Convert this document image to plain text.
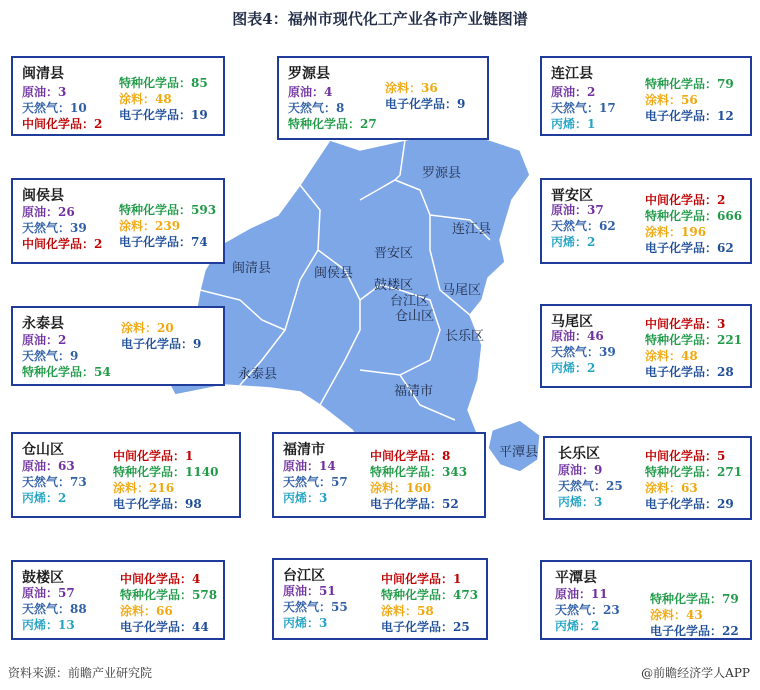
图表4：福州市现代化工产业各市产业链图谱
罗源县
连江县
晋安区
闽清县	闽侯县
鼓楼区 马尾区
台江区
仓山区
长乐区
永泰县
福清市
平潭县
闽清县
原油：3
天然气：10
中间化学品：2
特种化学品：85
涂料：48
电子化学品：19
罗源县
原油：4
天然气：8
特种化学品：27
涂料：36
电子化学品：9
连江县
原油：2
天然气：17
丙烯：1
特种化学品：79
涂料：56
电子化学品：12
闽侯县
原油：26
天然气：39
中间化学品：2
特种化学品：593
涂料：239
电子化学品：74
晋安区
原油：37
天然气：62
丙烯：2
中间化学品：2
特种化学品：666
涂料：196
电子化学品：62
永泰县
原油：2
天然气：9
特种化学品：54
涂料：20
电子化学品：9
马尾区
原油：46
天然气：39
丙烯：2
中间化学品：3
特种化学品：221
涂料：48
电子化学品：28
仓山区
原油：63
天然气：73
丙烯：2
中间化学品：1
特种化学品：1140
涂料：216
电子化学品：98
福清市
原油：14
天然气：57
丙烯：3
中间化学品：8
特种化学品：343
涂料：160
电子化学品：52
长乐区
原油：9
天然气：25
丙烯：3
中间化学品：5
特种化学品：271
涂料：63
电子化学品：29
鼓楼区
原油：57
天然气：88
丙烯：13
中间化学品：4
特种化学品：578
涂料：66
电子化学品：44
台江区
原油：51
天然气：55
丙烯：3
中间化学品：1
特种化学品：473
涂料：58
电子化学品：25
平潭县
原油：11
天然气：23
丙烯：2
特种化学品：79
涂料：43
电子化学品：22
资料来源：前瞻产业研究院	@前瞻经济学人APP
